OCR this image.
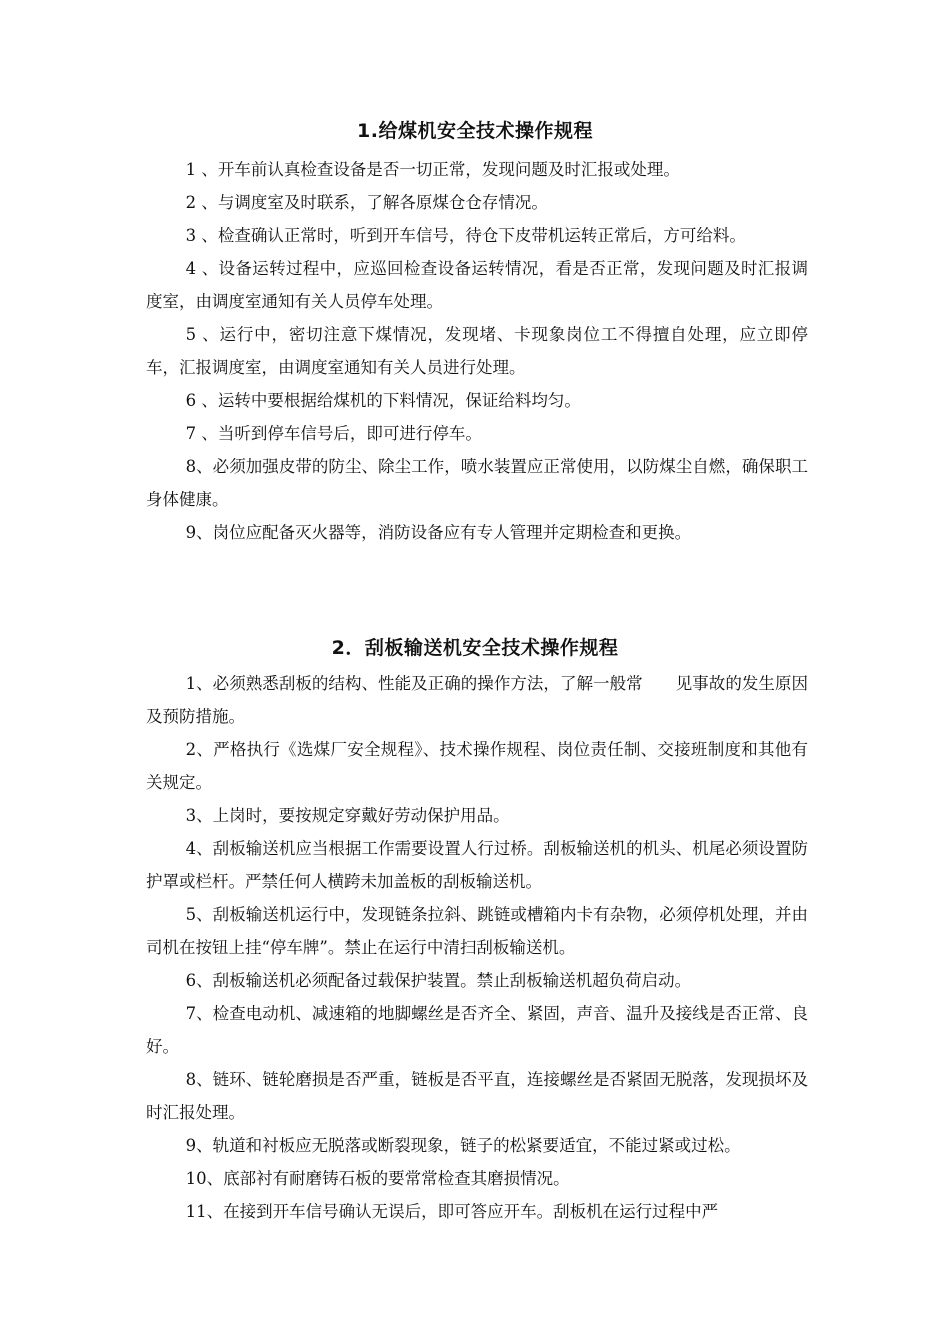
1.给煤机安全技术操作规程

1 、开车前认真检查设备是否一切正常，发现问题及时汇报或处理。

2 、与调度室及时联系，了解各原煤仓仓存情况。

3 、检查确认正常时，听到开车信号，待仓下皮带机运转正常后，方可给料。

4 、设备运转过程中，应巡回检查设备运转情况，看是否正常，发现问题及时汇报调度室，由调度室通知有关人员停车处理。

5 、运行中，密切注意下煤情况，发现堵、卡现象岗位工不得擅自处理，应立即停车，汇报调度室，由调度室通知有关人员进行处理。

6 、运转中要根据给煤机的下料情况，保证给料均匀。

7 、当听到停车信号后，即可进行停车。

8、必须加强皮带的防尘、除尘工作，喷水装置应正常使用，以防煤尘自燃，确保职工身体健康。

9、岗位应配备灭火器等，消防设备应有专人管理并定期检查和更换。

2．刮板输送机安全技术操作规程

1、必须熟悉刮板的结构、性能及正确的操作方法，了解一般常　　见事故的发生原因及预防措施。

2、严格执行《选煤厂安全规程》、技术操作规程、岗位责任制、交接班制度和其他有关规定。

3、上岗时，要按规定穿戴好劳动保护用品。

4、刮板输送机应当根据工作需要设置人行过桥。刮板输送机的机头、机尾必须设置防护罩或栏杆。严禁任何人横跨未加盖板的刮板输送机。

5、刮板输送机运行中，发现链条拉斜、跳链或槽箱内卡有杂物，必须停机处理，并由司机在按钮上挂“停车牌”。禁止在运行中清扫刮板输送机。

6、刮板输送机必须配备过载保护装置。禁止刮板输送机超负荷启动。

7、检查电动机、减速箱的地脚螺丝是否齐全、紧固，声音、温升及接线是否正常、良好。

8、链环、链轮磨损是否严重，链板是否平直，连接螺丝是否紧固无脱落，发现损坏及时汇报处理。

9、轨道和衬板应无脱落或断裂现象，链子的松紧要适宜，不能过紧或过松。

10、底部衬有耐磨铸石板的要常常检查其磨损情况。

11、在接到开车信号确认无误后，即可答应开车。刮板机在运行过程中严
